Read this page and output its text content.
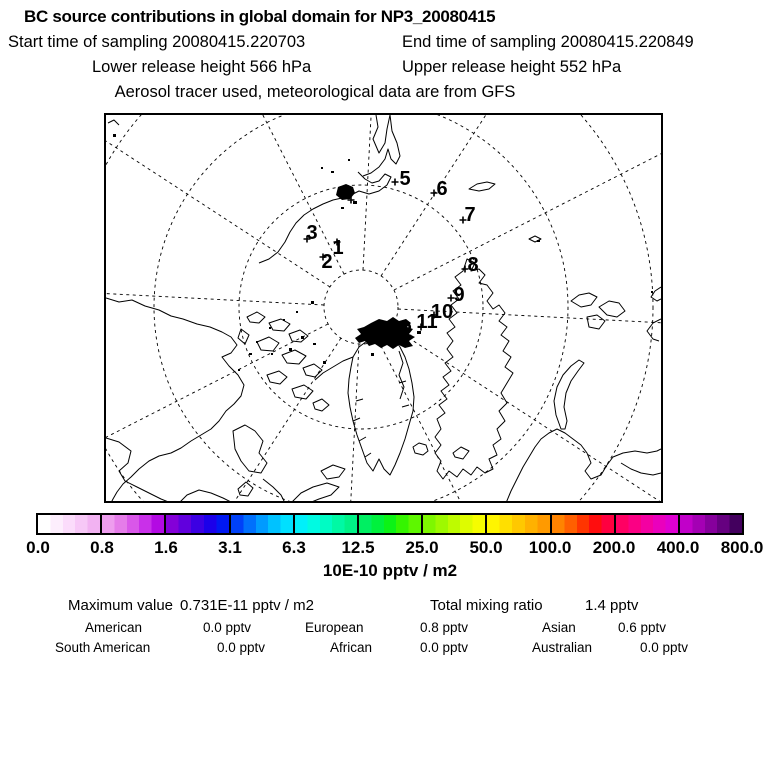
BC source contributions in global domain for NP3_20080415
Start time of sampling 20080415.220703	End time of sampling 20080415.220849
Lower release height 566 hPa	Upper release height 552 hPa
Aerosol tracer used, meteorological data are from GFS
1
2
3
4
5 6
7
8
9
10
11
12
13
0.0 0.8 1.6 3.1 6.3 12.5 25.0 50.0 100.0 200.0 400.0 800.0
10E-10 pptv / m2
Maximum value 0.731E-11 pptv / m2	Total mixing ratio	1.4 pptv
American	0.0 pptv	European	0.8 pptv	Asian	0.6 pptv
South American	0.0 pptv	African	0.0 pptv	Australian	0.0 pptv
